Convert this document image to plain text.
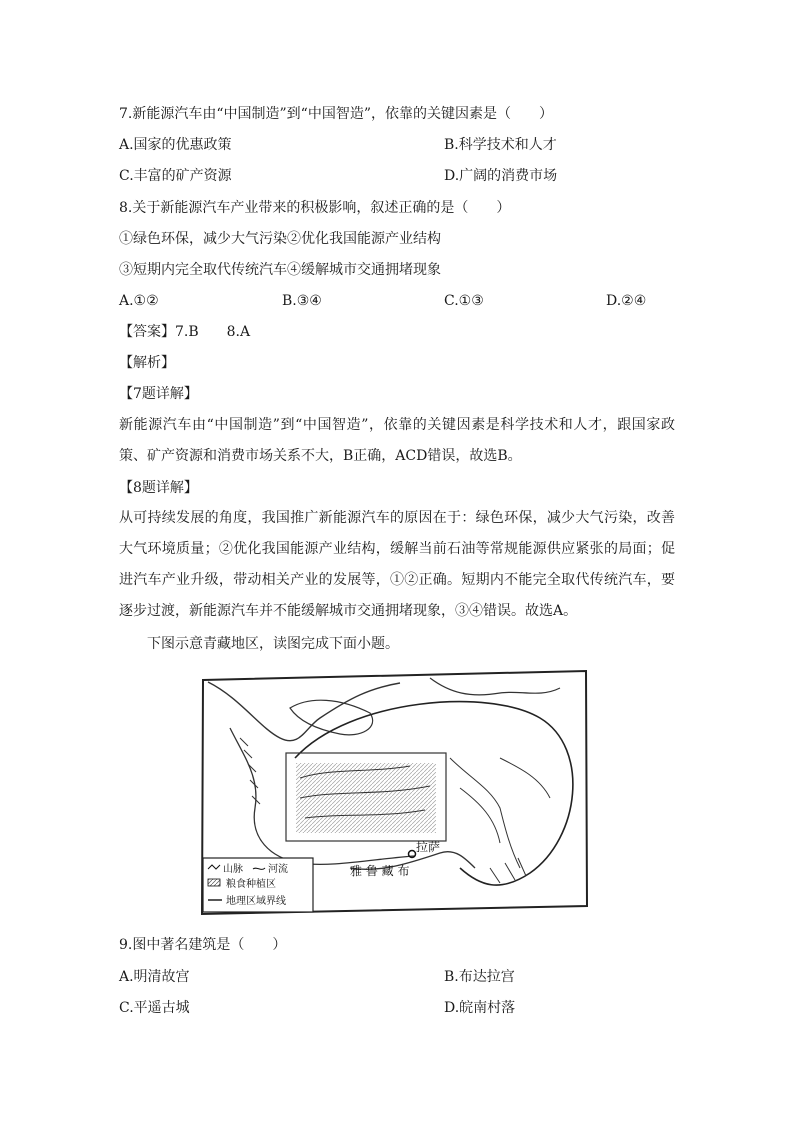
7.新能源汽车由“中国制造”到“中国智造”，依靠的关键因素是（　　）
A.国家的优惠政策	B.科学技术和人才
C.丰富的矿产资源	D.广阔的消费市场
8.关于新能源汽车产业带来的积极影响，叙述正确的是（　　）
①绿色环保，减少大气污染②优化我国能源产业结构
③短期内完全取代传统汽车④缓解城市交通拥堵现象
A.①②	B.③④	C.①③	D.②④
【答案】7.B　　8.A
【解析】
【7题详解】
新能源汽车由“中国制造”到“中国智造”，依靠的关键因素是科学技术和人才，跟国家政策、矿产资源和消费市场关系不大，B正确，ACD错误，故选B。
【8题详解】
从可持续发展的角度，我国推广新能源汽车的原因在于：绿色环保，减少大气污染，改善大气环境质量；②优化我国能源产业结构，缓解当前石油等常规能源供应紧张的局面；促进汽车产业升级，带动相关产业的发展等，①②正确。短期内不能完全取代传统汽车，要逐步过渡，新能源汽车并不能缓解城市交通拥堵现象，③④错误。故选A。
下图示意青藏地区，读图完成下面小题。
拉萨
雅 鲁 藏 布
山脉	河流
粮食种植区
地理区域界线
9.图中著名建筑是（　　）
A.明清故宫	B.布达拉宫
C.平遥古城	D.皖南村落
